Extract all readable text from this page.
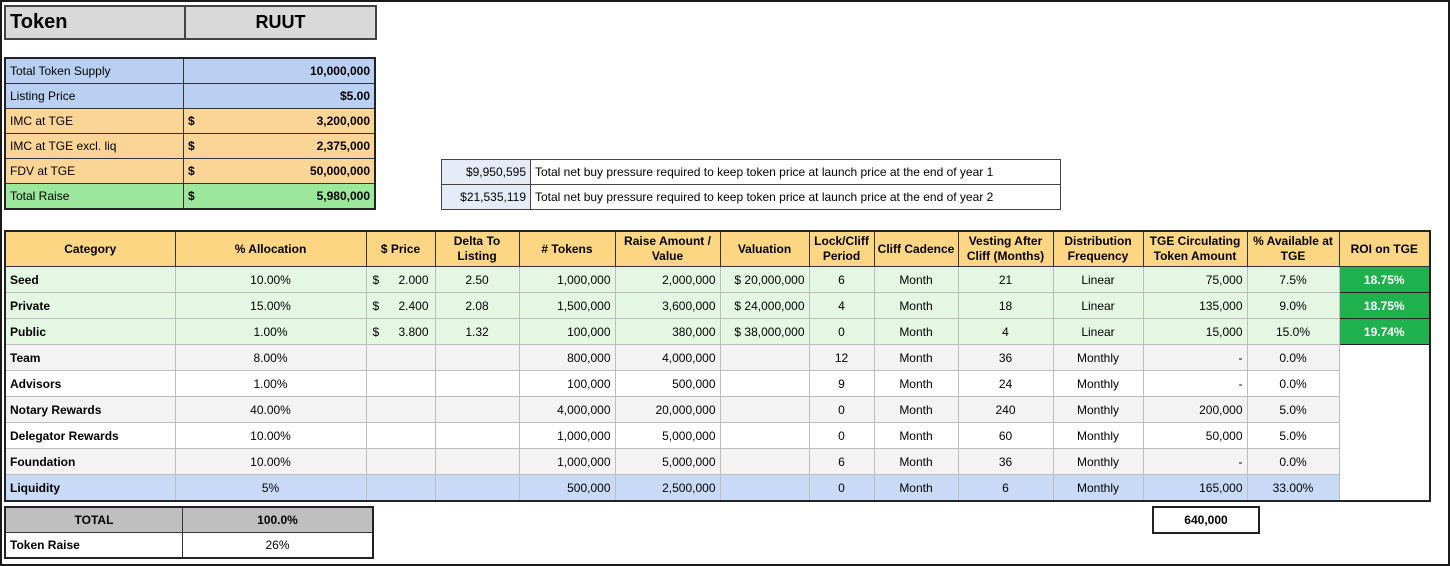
Token	RUUT
Total Token Supply	10,000,000	
Listing Price	$5.00	
IMC at TGE	$	3,200,000
IMC at TGE excl. liq	$	2,375,000
FDV at TGE	$	50,000,000
Total Raise	$	5,980,000
$9,950,595	Total net buy pressure required to keep token price at launch price at the end of year 1
$21,535,119	Total net buy pressure required to keep token price at launch price at the end of year 2
Category	% Allocation	$ Price	Delta To Listing	# Tokens	Raise Amount / Value	Valuation	Lock/Cliff Period	Cliff Cadence	Vesting After Cliff (Months)	Distribution Frequency	TGE Circulating Token Amount	% Available at TGE	ROI on TGE
Seed	10.00%	$ 2.000	2.50	1,000,000	2,000,000	$ 20,000,000	6	Month	21	Linear	75,000	7.5%	18.75%
Private	15.00%	$ 2.400	2.08	1,500,000	3,600,000	$ 24,000,000	4	Month	18	Linear	135,000	9.0%	18.75%
Public	1.00%	$ 3.800	1.32	100,000	380,000	$ 38,000,000	0	Month	4	Linear	15,000	15.0%	19.74%
Team	8.00%			800,000	4,000,000		12	Month	36	Monthly	-	0.0%	
Advisors	1.00%			100,000	500,000		9	Month	24	Monthly	-	0.0%	
Notary Rewards	40.00%			4,000,000	20,000,000		0	Month	240	Monthly	200,000	5.0%	
Delegator Rewards	10.00%			1,000,000	5,000,000		0	Month	60	Monthly	50,000	5.0%	
Foundation	10.00%			1,000,000	5,000,000		6	Month	36	Monthly	-	0.0%	
Liquidity	5%			500,000	2,500,000		0	Month	6	Monthly	165,000	33.00%	
TOTAL	100.0%
Token Raise	26%
640,000
